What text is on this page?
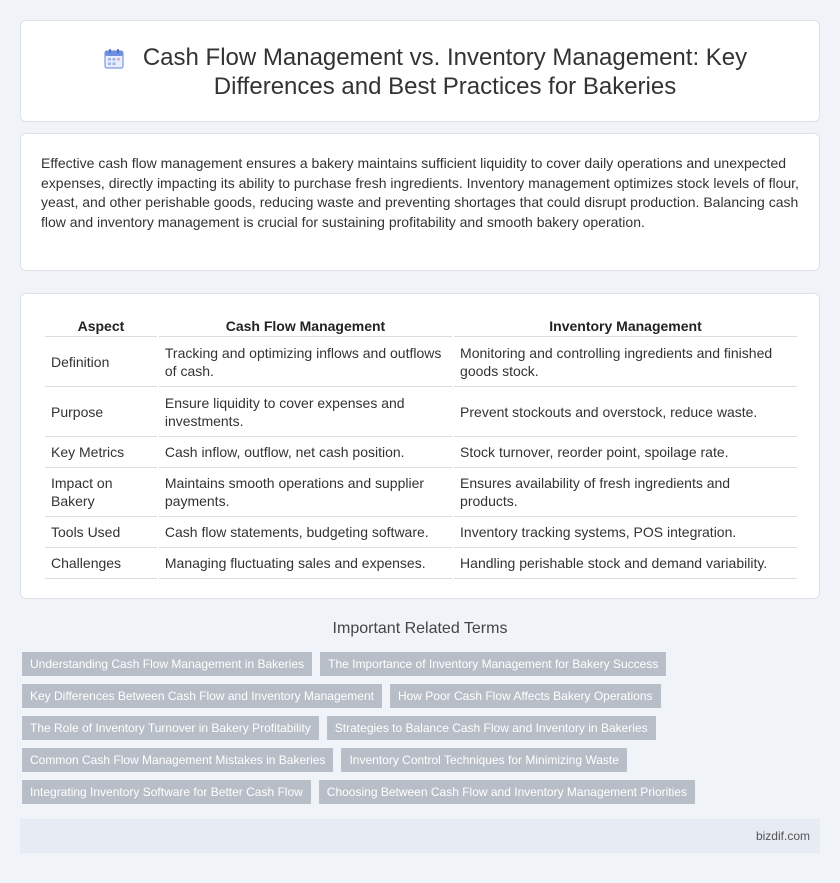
Cash Flow Management vs. Inventory Management: Key Differences and Best Practices for Bakeries

Effective cash flow management ensures a bakery maintains sufficient liquidity to cover daily operations and unexpected expenses, directly impacting its ability to purchase fresh ingredients. Inventory management optimizes stock levels of flour, yeast, and other perishable goods, reducing waste and preventing shortages that could disrupt production. Balancing cash flow and inventory management is crucial for sustaining profitability and smooth bakery operation.

Aspect	Cash Flow Management	Inventory Management
Definition	Tracking and optimizing inflows and outflows of cash.	Monitoring and controlling ingredients and finished goods stock.
Purpose	Ensure liquidity to cover expenses and investments.	Prevent stockouts and overstock, reduce waste.
Key Metrics	Cash inflow, outflow, net cash position.	Stock turnover, reorder point, spoilage rate.
Impact on Bakery	Maintains smooth operations and supplier payments.	Ensures availability of fresh ingredients and products.
Tools Used	Cash flow statements, budgeting software.	Inventory tracking systems, POS integration.
Challenges	Managing fluctuating sales and expenses.	Handling perishable stock and demand variability.
Important Related Terms
Understanding Cash Flow Management in Bakeries	The Importance of Inventory Management for Bakery Success
Key Differences Between Cash Flow and Inventory Management	How Poor Cash Flow Affects Bakery Operations
The Role of Inventory Turnover in Bakery Profitability	Strategies to Balance Cash Flow and Inventory in Bakeries
Common Cash Flow Management Mistakes in Bakeries	Inventory Control Techniques for Minimizing Waste
Integrating Inventory Software for Better Cash Flow	Choosing Between Cash Flow and Inventory Management Priorities
bizdif.com
